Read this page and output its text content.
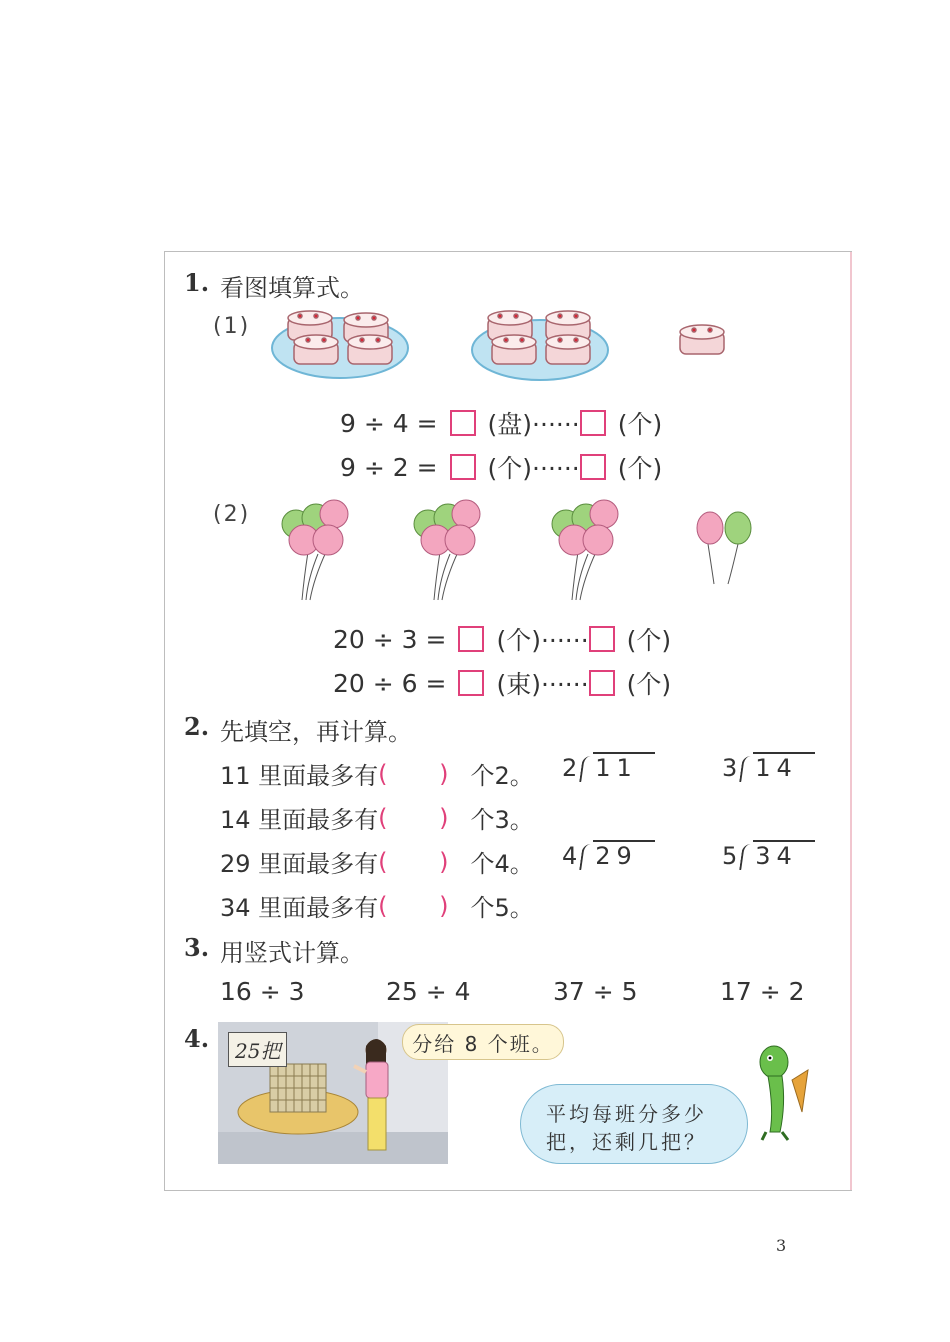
1. 看图填算式。
(1)
9 ÷ 4 = (盘)······ (个)
9 ÷ 2 = (个)······ (个)
(2)
20 ÷ 3 = (个)······ (个)
20 ÷ 6 = (束)······ (个)
2. 先填空，再计算。
11 里面最多有 ( ) 个2。
14 里面最多有 ( ) 个3。
29 里面最多有 ( ) 个4。
34 里面最多有 ( ) 个5。
2 11	3 14
4 29	5 34
3. 用竖式计算。
16 ÷ 3	25 ÷ 4	37 ÷ 5	17 ÷ 2
4.	25把	分给 8 个班。
平均每班分多少
把，还剩几把？
3
